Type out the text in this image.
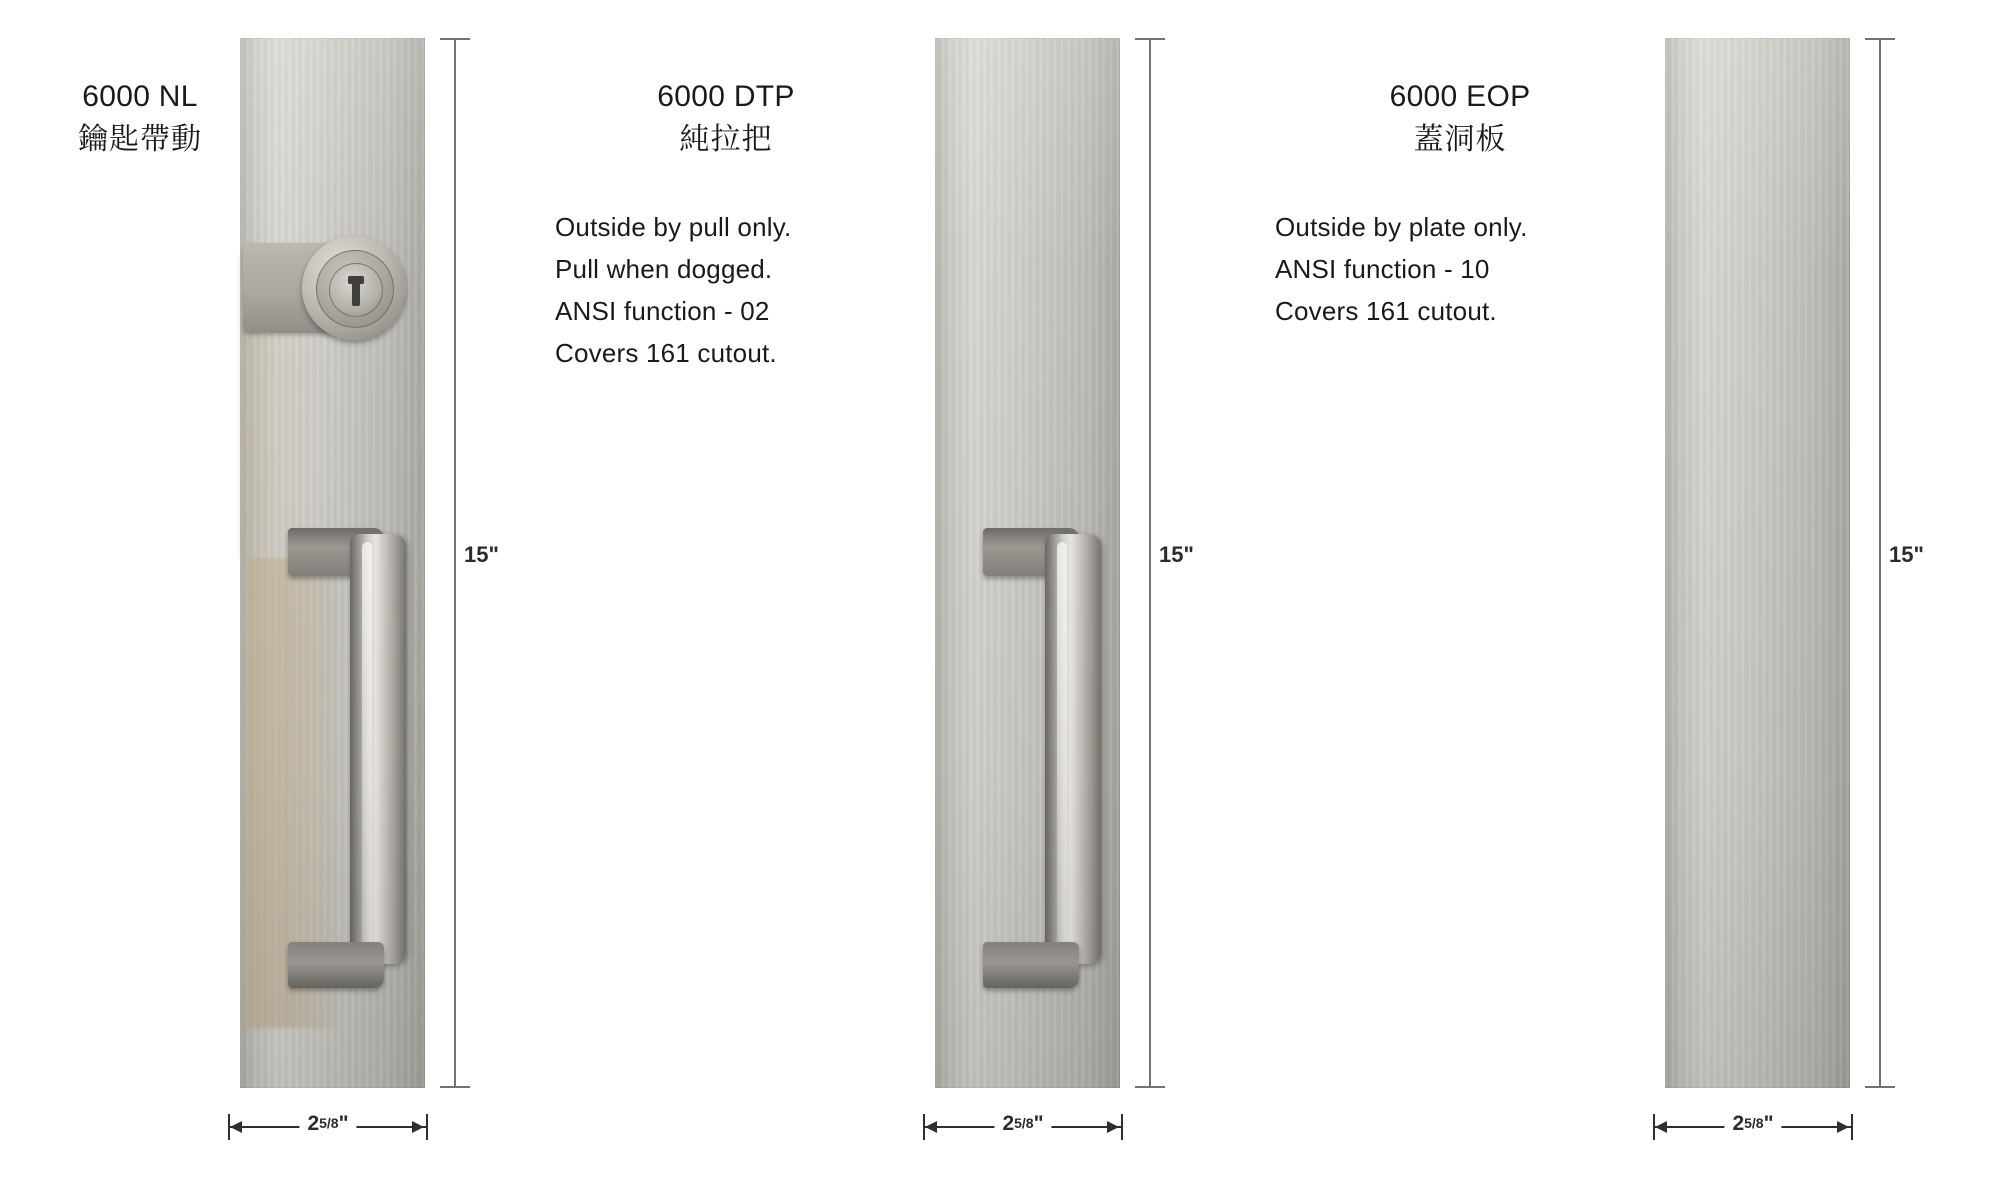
6000 NL
鑰匙帶動
15"
25/8"
6000 DTP
純拉把
Outside by pull only.
Pull when dogged.
ANSI function - 02
Covers 161 cutout.
15"
25/8"
6000 EOP
蓋洞板
Outside by plate only.
ANSI function - 10
Covers 161 cutout.
15"
25/8"
